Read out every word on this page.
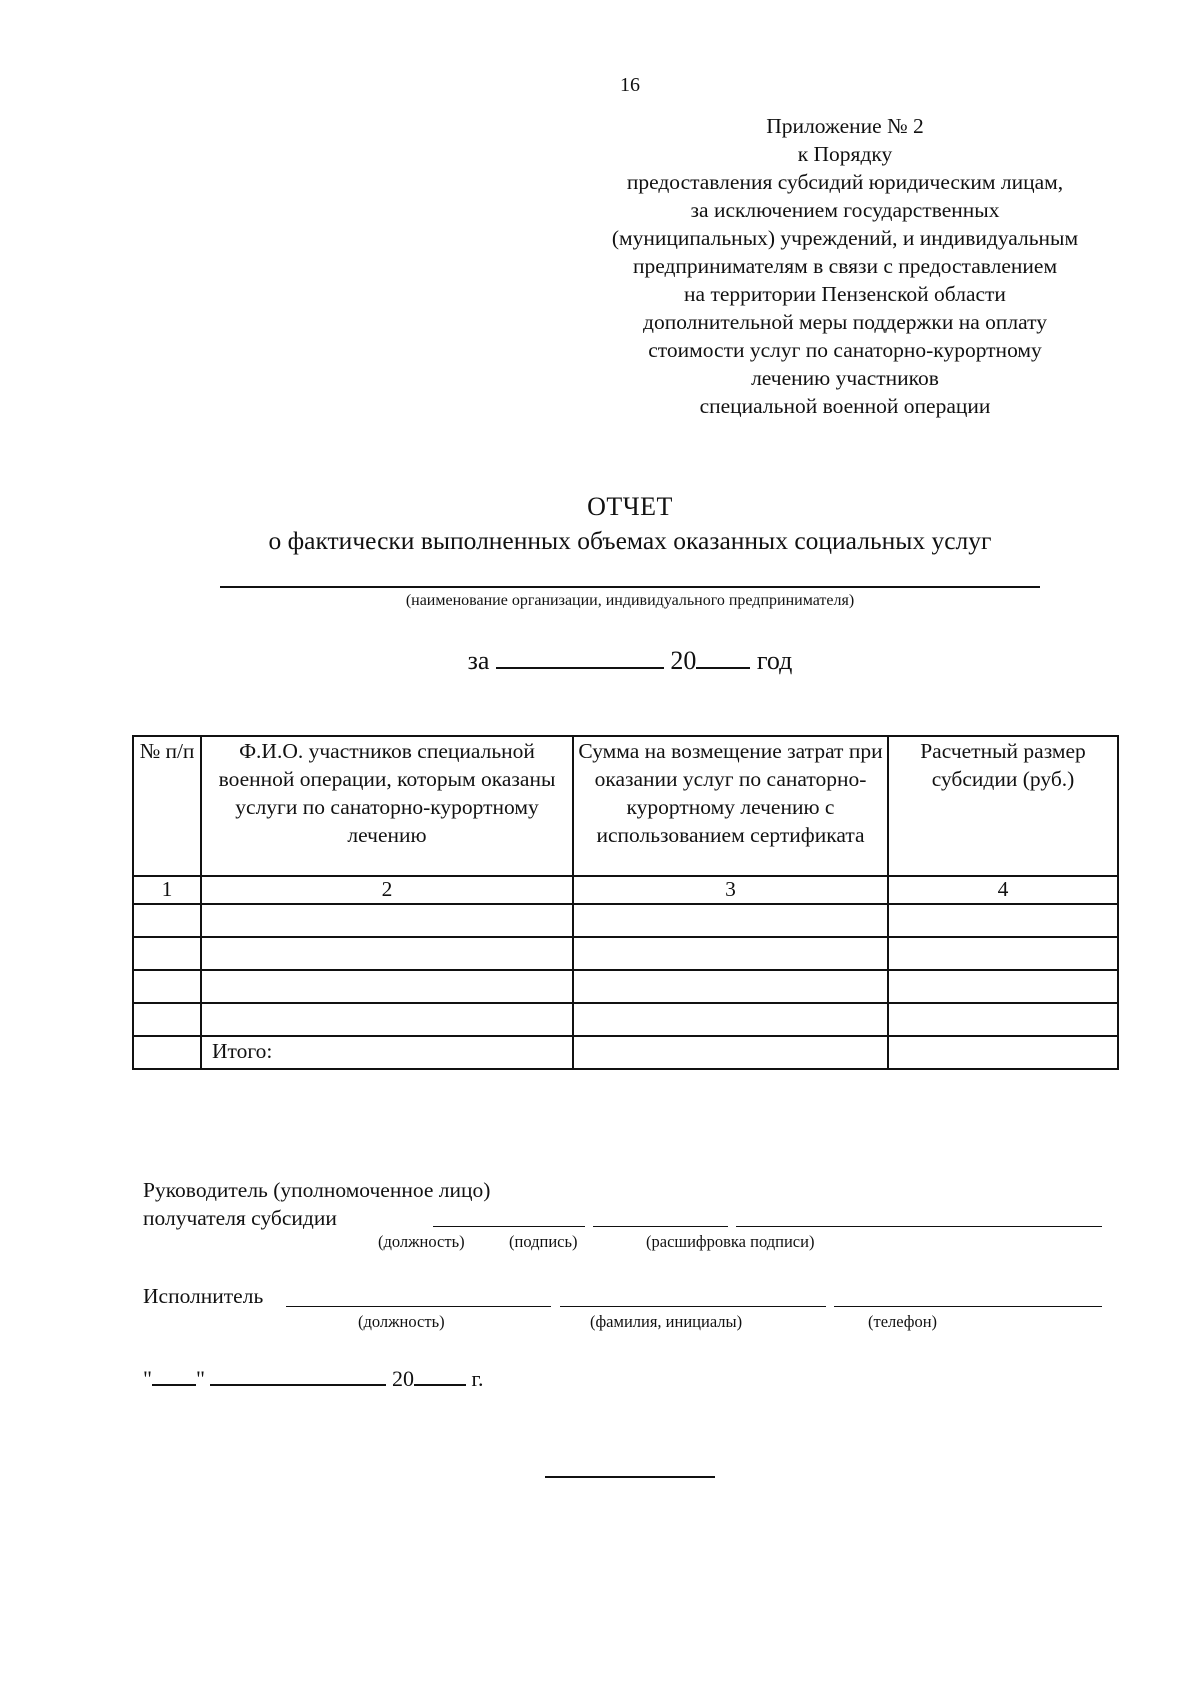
16
Приложение № 2
к Порядку
предоставления субсидий юридическим лицам,
за исключением государственных
(муниципальных) учреждений, и индивидуальным
предпринимателям в связи с предоставлением
на территории Пензенской области
дополнительной меры поддержки на оплату
стоимости услуг по санаторно-курортному
лечению участников
специальной военной операции
ОТЧЕТ
о фактически выполненных объемах оказанных социальных услуг
(наименование организации, индивидуального предпринимателя)
за	20 год
№ п/п	Ф.И.О. участников специальной военной операции, которым оказаны услуги по санаторно-курортному лечению	Сумма на возмещение затрат при оказании услуг по санаторно-курортному лечению с использованием сертификата	Расчетный размер субсидии (руб.)
1	2	3	4

	Итого:		
Руководитель (уполномоченное лицо)
получателя субсидии
(должность)	(подпись)	(расшифровка подписи)
Исполнитель
(должность)	(фамилия, инициалы)	(телефон)
" "	20	г.
